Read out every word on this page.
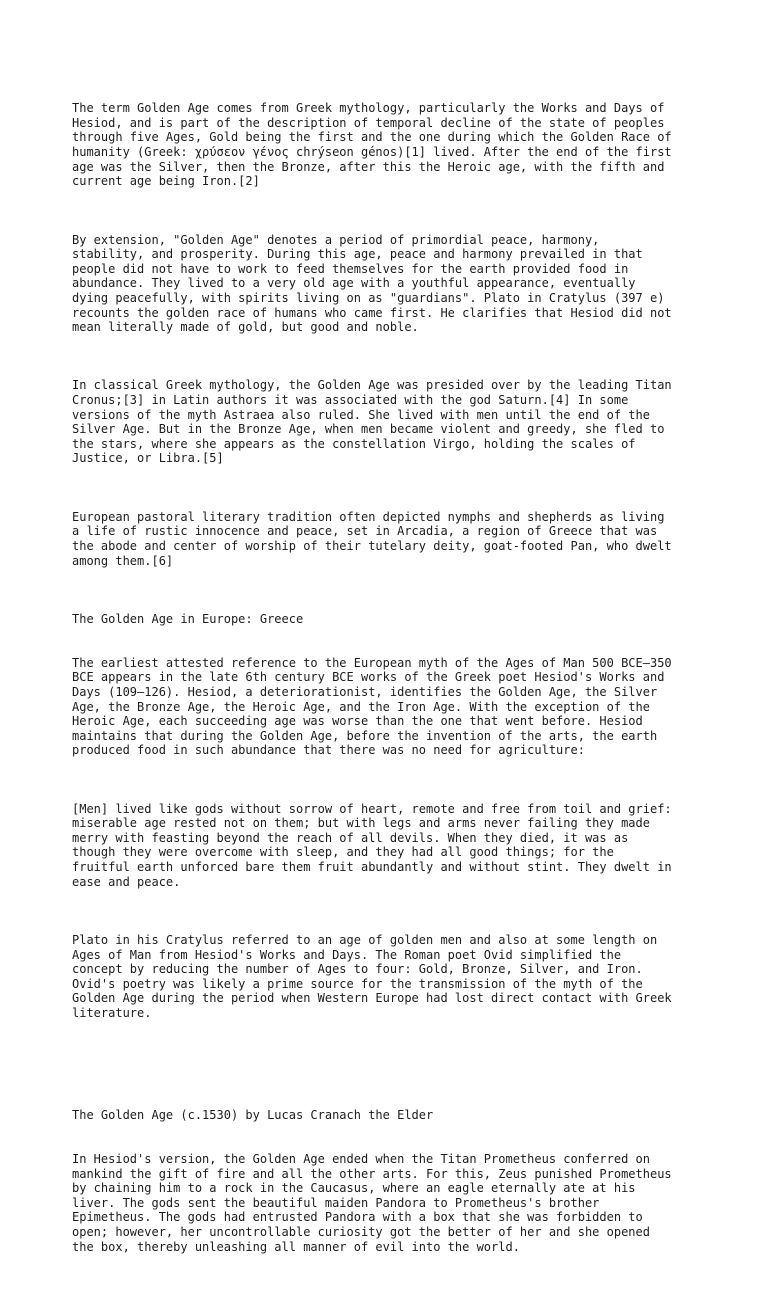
The term Golden Age comes from Greek mythology, particularly the Works and Days of
Hesiod, and is part of the description of temporal decline of the state of peoples
through five Ages, Gold being the first and the one during which the Golden Race of
humanity (Greek: χρύσεον γένος chrýseon génos)[1] lived. After the end of the first
age was the Silver, then the Bronze, after this the Heroic age, with the fifth and
current age being Iron.[2]

By extension, "Golden Age" denotes a period of primordial peace, harmony,
stability, and prosperity. During this age, peace and harmony prevailed in that
people did not have to work to feed themselves for the earth provided food in
abundance. They lived to a very old age with a youthful appearance, eventually
dying peacefully, with spirits living on as "guardians". Plato in Cratylus (397 e)
recounts the golden race of humans who came first. He clarifies that Hesiod did not
mean literally made of gold, but good and noble.

In classical Greek mythology, the Golden Age was presided over by the leading Titan
Cronus;[3] in Latin authors it was associated with the god Saturn.[4] In some
versions of the myth Astraea also ruled. She lived with men until the end of the
Silver Age. But in the Bronze Age, when men became violent and greedy, she fled to
the stars, where she appears as the constellation Virgo, holding the scales of
Justice, or Libra.[5]

European pastoral literary tradition often depicted nymphs and shepherds as living
a life of rustic innocence and peace, set in Arcadia, a region of Greece that was
the abode and center of worship of their tutelary deity, goat-footed Pan, who dwelt
among them.[6]

The Golden Age in Europe: Greece

The earliest attested reference to the European myth of the Ages of Man 500 BCE–350
BCE appears in the late 6th century BCE works of the Greek poet Hesiod's Works and
Days (109–126). Hesiod, a deteriorationist, identifies the Golden Age, the Silver
Age, the Bronze Age, the Heroic Age, and the Iron Age. With the exception of the
Heroic Age, each succeeding age was worse than the one that went before. Hesiod
maintains that during the Golden Age, before the invention of the arts, the earth
produced food in such abundance that there was no need for agriculture:

[Men] lived like gods without sorrow of heart, remote and free from toil and grief:
miserable age rested not on them; but with legs and arms never failing they made
merry with feasting beyond the reach of all devils. When they died, it was as
though they were overcome with sleep, and they had all good things; for the
fruitful earth unforced bare them fruit abundantly and without stint. They dwelt in
ease and peace.

Plato in his Cratylus referred to an age of golden men and also at some length on
Ages of Man from Hesiod's Works and Days. The Roman poet Ovid simplified the
concept by reducing the number of Ages to four: Gold, Bronze, Silver, and Iron.
Ovid's poetry was likely a prime source for the transmission of the myth of the
Golden Age during the period when Western Europe had lost direct contact with Greek
literature.

The Golden Age (c.1530) by Lucas Cranach the Elder

In Hesiod's version, the Golden Age ended when the Titan Prometheus conferred on
mankind the gift of fire and all the other arts. For this, Zeus punished Prometheus
by chaining him to a rock in the Caucasus, where an eagle eternally ate at his
liver. The gods sent the beautiful maiden Pandora to Prometheus's brother
Epimetheus. The gods had entrusted Pandora with a box that she was forbidden to
open; however, her uncontrollable curiosity got the better of her and she opened
the box, thereby unleashing all manner of evil into the world.
